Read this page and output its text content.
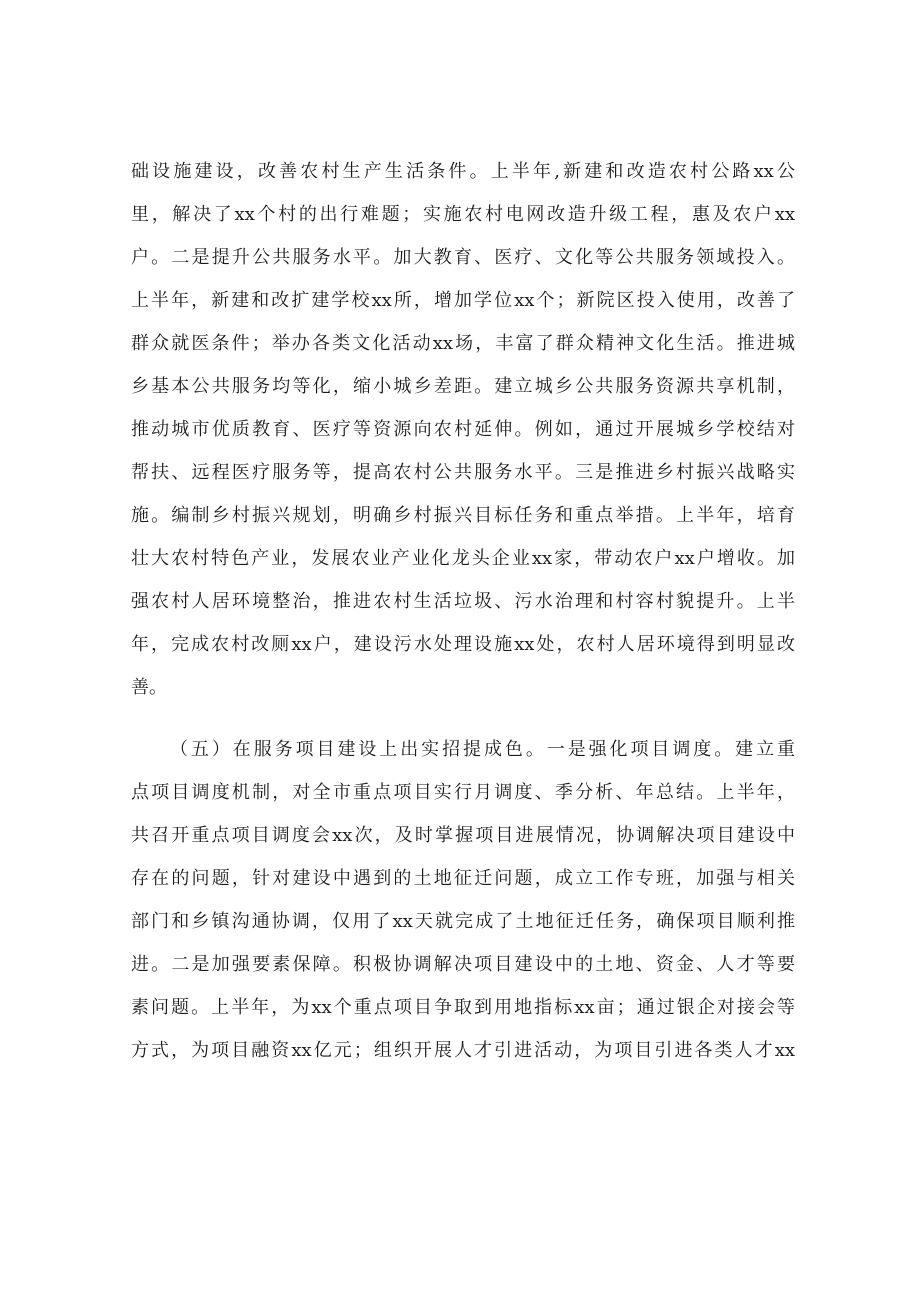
础设施建设，改善农村生产生活条件。上半年,新建和改造农村公路xx公
里，解决了xx个村的出行难题；实施农村电网改造升级工程，惠及农户xx
户。二是提升公共服务水平。加大教育、医疗、文化等公共服务领域投入。
上半年，新建和改扩建学校xx所，增加学位xx个；新院区投入使用，改善了
群众就医条件；举办各类文化活动xx场，丰富了群众精神文化生活。推进城
乡基本公共服务均等化，缩小城乡差距。建立城乡公共服务资源共享机制，
推动城市优质教育、医疗等资源向农村延伸。例如，通过开展城乡学校结对
帮扶、远程医疗服务等，提高农村公共服务水平。三是推进乡村振兴战略实
施。编制乡村振兴规划，明确乡村振兴目标任务和重点举措。上半年，培育
壮大农村特色产业，发展农业产业化龙头企业xx家，带动农户xx户增收。加
强农村人居环境整治，推进农村生活垃圾、污水治理和村容村貌提升。上半
年，完成农村改厕xx户，建设污水处理设施xx处，农村人居环境得到明显改
善。
（五）在服务项目建设上出实招提成色。一是强化项目调度。建立重
点项目调度机制，对全市重点项目实行月调度、季分析、年总结。上半年，
共召开重点项目调度会xx次，及时掌握项目进展情况，协调解决项目建设中
存在的问题，针对建设中遇到的土地征迁问题，成立工作专班，加强与相关
部门和乡镇沟通协调，仅用了xx天就完成了土地征迁任务，确保项目顺利推
进。二是加强要素保障。积极协调解决项目建设中的土地、资金、人才等要
素问题。上半年，为xx个重点项目争取到用地指标xx亩；通过银企对接会等
方式，为项目融资xx亿元；组织开展人才引进活动，为项目引进各类人才xx
